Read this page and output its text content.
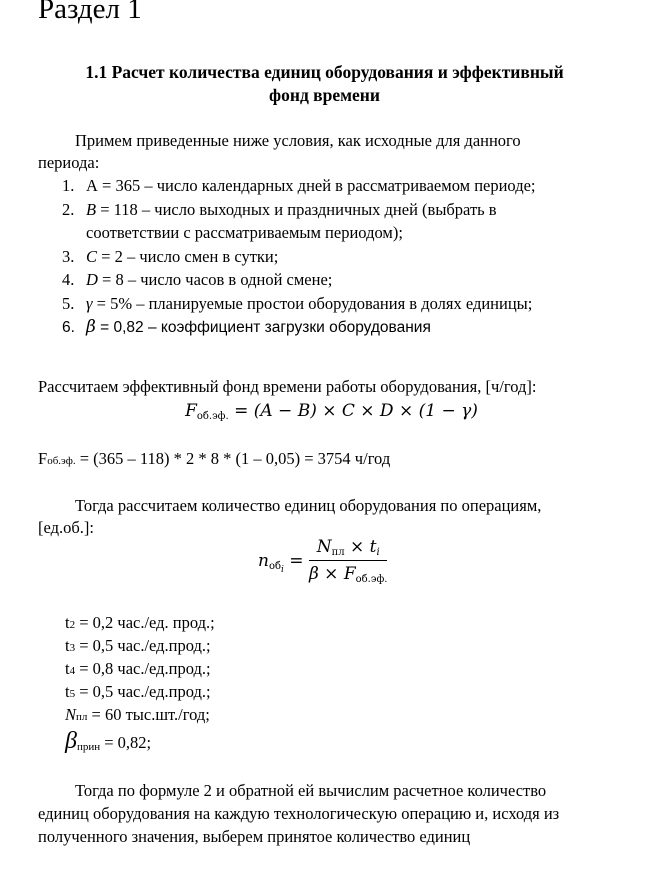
Раздел 1
1.1 Расчет количества единиц оборудования и эффективный
фонд времени
Примем приведенные ниже условия, как исходные для данного
периода:
1. А = 365 – число календарных дней в рассматриваемом периоде;
2. B = 118 – число выходных и праздничных дней (выбрать в
соответствии с рассматриваемым периодом);
3. C = 2 – число смен в сутки;
4. D = 8 – число часов в одной смене;
5. γ = 5% – планируемые простои оборудования в долях единицы;
6. β = 0,82 – коэффициент загрузки оборудования
Рассчитаем эффективный фонд времени работы оборудования, [ч/год]:
$F_{об.эф.} = (A - B) \times C \times D \times (1 - \gamma)$
Fоб.эф. = (365 – 118) * 2 * 8 * (1 – 0,05) = 3754 ч/год
Тогда рассчитаем количество единиц оборудования по операциям,
[ед.об.]:
$n_{обi} = \frac{N_{пл} \times t_i}{\beta \times F_{об.эф.}}$
t2 = 0,2 час./ед. прод.;
t3 = 0,5 час./ед.прод.;
t4 = 0,8 час./ед.прод.;
t5 = 0,5 час./ед.прод.;
Nпл = 60 тыс.шт./год;
βприн = 0,82;
Тогда по формуле 2 и обратной ей вычислим расчетное количество
единиц оборудования на каждую технологическую операцию и, исходя из
полученного значения, выберем принятое количество единиц
